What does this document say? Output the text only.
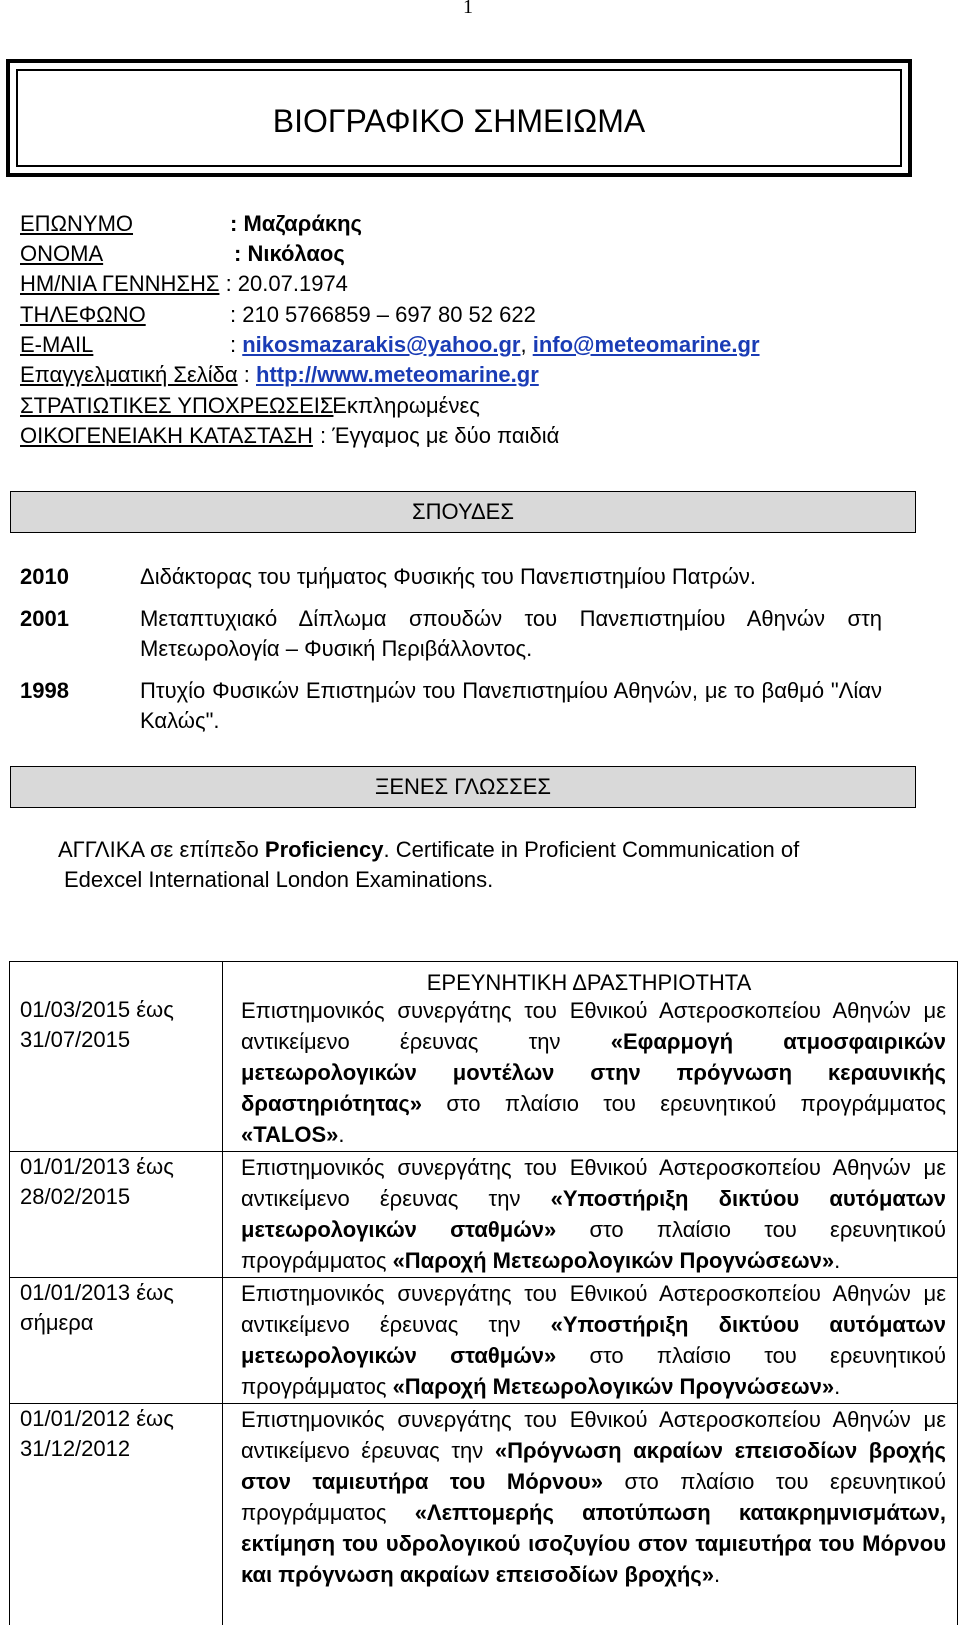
1
ΒΙΟΓΡΑΦΙΚΟ ΣΗΜΕΙΩΜΑ
ΕΠΩΝΥΜΟ	: Μαζαράκης
ΟΝΟΜΑ	: Νικόλαος
ΗΜ/ΝΙΑ ΓΕΝΝΗΣΗΣ : 20.07.1974
ΤΗΛΕΦΩΝΟ	: 210 5766859 – 697 80 52 622
E-MAIL	: nikosmazarakis@yahoo.gr, info@meteomarine.gr
Επαγγελματική Σελίδα : http://www.meteomarine.gr
ΣΤΡΑΤΙΩΤΙΚΕΣ ΥΠΟΧΡΕΩΣΕΙΣ
: Εκπληρωμένες
ΟΙΚΟΓΕΝΕΙΑΚΗ ΚΑΤΑΣΤΑΣΗ : Έγγαμος με δύο παιδιά
ΣΠΟΥΔΕΣ
2010	Διδάκτορας του τμήματος Φυσικής του Πανεπιστημίου Πατρών.
2001	Μεταπτυχιακό Δίπλωμα σπουδών του Πανεπιστημίου Αθηνών στη Μετεωρολογία – Φυσική Περιβάλλοντος.
1998	Πτυχίο Φυσικών Επιστημών του Πανεπιστημίου Αθηνών, με το βαθμό "Λίαν Καλώς".
ΞΕΝΕΣ ΓΛΩΣΣΕΣ
ΑΓΓΛΙΚΑ σε επίπεδο Proficiency. Certificate in Proficient Communication of
Edexcel International London Examinations.
ΕΡΕΥΝΗΤΙΚΗ ΔΡΑΣΤΗΡΙΟΤΗΤΑ
01/03/2015 έως
31/07/2015
Επιστημονικός συνεργάτης του Εθνικού Αστεροσκοπείου Αθηνών με αντικείμενο έρευνας την «Εφαρμογή ατμοσφαιρικών μετεωρολογικών μοντέλων στην πρόγνωση κεραυνικής δραστηριότητας» στο πλαίσιο του ερευνητικού προγράμματος «TALOS».
01/01/2013 έως
28/02/2015
Επιστημονικός συνεργάτης του Εθνικού Αστεροσκοπείου Αθηνών με αντικείμενο έρευνας την «Υποστήριξη δικτύου αυτόματων μετεωρολογικών σταθμών» στο πλαίσιο του ερευνητικού προγράμματος «Παροχή Μετεωρολογικών Προγνώσεων».
01/01/2013 έως
σήμερα
Επιστημονικός συνεργάτης του Εθνικού Αστεροσκοπείου Αθηνών με αντικείμενο έρευνας την «Υποστήριξη δικτύου αυτόματων μετεωρολογικών σταθμών» στο πλαίσιο του ερευνητικού προγράμματος «Παροχή Μετεωρολογικών Προγνώσεων».
01/01/2012 έως
31/12/2012
Επιστημονικός συνεργάτης του Εθνικού Αστεροσκοπείου Αθηνών με αντικείμενο έρευνας την «Πρόγνωση ακραίων επεισοδίων βροχής στον ταμιευτήρα του Μόρνου» στο πλαίσιο του ερευνητικού προγράμματος «Λεπτομερής αποτύπωση κατακρημνισμάτων, εκτίμηση του υδρολογικού ισοζυγίου στον ταμιευτήρα του Μόρνου και πρόγνωση ακραίων επεισοδίων βροχής».
